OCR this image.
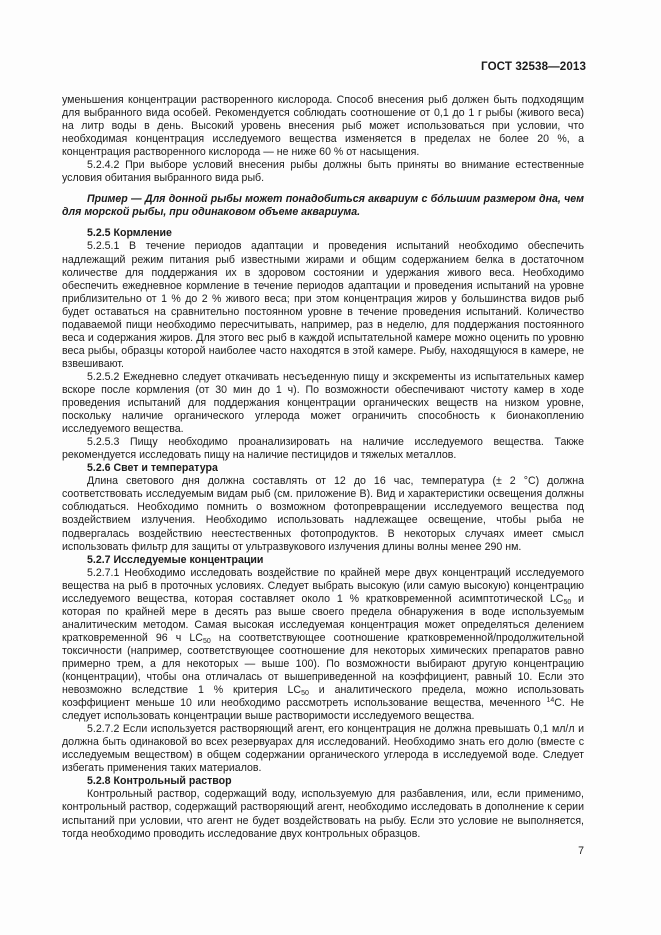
ГОСТ 32538—2013

уменьшения концентрации растворенного кислорода. Способ внесения рыб должен быть подходящим для выбранного вида особей. Рекомендуется соблюдать соотношение от 0,1 до 1 г рыбы (живого веса) на литр воды в день. Высокий уровень внесения рыб может использоваться при условии, что необходимая концентрация исследуемого вещества изменяется в пределах не более 20 %, а концентрация растворенного кислорода — не ниже 60 % от насыщения.

5.2.4.2 При выборе условий внесения рыбы должны быть приняты во внимание естественные условия обитания выбранного вида рыб.

Пример — Для донной рыбы может понадобиться аквариум с бóльшим размером дна, чем для морской рыбы, при одинаковом объеме аквариума.

5.2.5 Кормление

5.2.5.1 В течение периодов адаптации и проведения испытаний необходимо обеспечить надлежащий режим питания рыб известными жирами и общим содержанием белка в достаточном количестве для поддержания их в здоровом состоянии и удержания живого веса. Необходимо обеспечить ежедневное кормление в течение периодов адаптации и проведения испытаний на уровне приблизительно от 1 % до 2 % живого веса; при этом концентрация жиров у большинства видов рыб будет оставаться на сравнительно постоянном уровне в течение проведения испытаний. Количество подаваемой пищи необходимо пересчитывать, например, раз в неделю, для поддержания постоянного веса и содержания жиров. Для этого вес рыб в каждой испытательной камере можно оценить по уровню веса рыбы, образцы которой наиболее часто находятся в этой камере. Рыбу, находящуюся в камере, не взвешивают.

5.2.5.2 Ежедневно следует откачивать несъеденную пищу и экскременты из испытательных камер вскоре после кормления (от 30 мин до 1 ч). По возможности обеспечивают чистоту камер в ходе проведения испытаний для поддержания концентрации органических веществ на низком уровне, поскольку наличие органического углерода может ограничить способность к бионакоплению исследуемого вещества.

5.2.5.3 Пищу необходимо проанализировать на наличие исследуемого вещества. Также рекомендуется исследовать пищу на наличие пестицидов и тяжелых металлов.

5.2.6 Свет и температура

Длина светового дня должна составлять от 12 до 16 час, температура (± 2 °C) должна соответствовать исследуемым видам рыб (см. приложение В). Вид и характеристики освещения должны соблюдаться. Необходимо помнить о возможном фотопревращении исследуемого вещества под воздействием излучения. Необходимо использовать надлежащее освещение, чтобы рыба не подвергалась воздействию неестественных фотопродуктов. В некоторых случаях имеет смысл использовать фильтр для защиты от ультразвукового излучения длины волны менее 290 нм.

5.2.7 Исследуемые концентрации

5.2.7.1 Необходимо исследовать воздействие по крайней мере двух концентраций исследуемого вещества на рыб в проточных условиях. Следует выбрать высокую (или самую высокую) концентрацию исследуемого вещества, которая составляет около 1 % кратковременной асимптотической $LC_{50}$ и которая по крайней мере в десять раз выше своего предела обнаружения в воде используемым аналитическим методом. Самая высокая исследуемая концентрация может определяться делением кратковременной 96 ч $LC_{50}$ на соответствующее соотношение кратковременной/продолжительной токсичности (например, соответствующее соотношение для некоторых химических препаратов равно примерно трем, а для некоторых — выше 100). По возможности выбирают другую концентрацию (концентрации), чтобы она отличалась от вышеприведенной на коэффициент, равный 10. Если это невозможно вследствие 1 % критерия $LC_{50}$ и аналитического предела, можно использовать коэффициент меньше 10 или необходимо рассмотреть использование вещества, меченного $^{14}$C. Не следует использовать концентрации выше растворимости исследуемого вещества.

5.2.7.2 Если используется растворяющий агент, его концентрация не должна превышать 0,1 мл/л и должна быть одинаковой во всех резервуарах для исследований. Необходимо знать его долю (вместе с исследуемым веществом) в общем содержании органического углерода в исследуемой воде. Следует избегать применения таких материалов.

5.2.8 Контрольный раствор

Контрольный раствор, содержащий воду, используемую для разбавления, или, если применимо, контрольный раствор, содержащий растворяющий агент, необходимо исследовать в дополнение к серии испытаний при условии, что агент не будет воздействовать на рыбу. Если это условие не выполняется, тогда необходимо проводить исследование двух контрольных образцов.

7
